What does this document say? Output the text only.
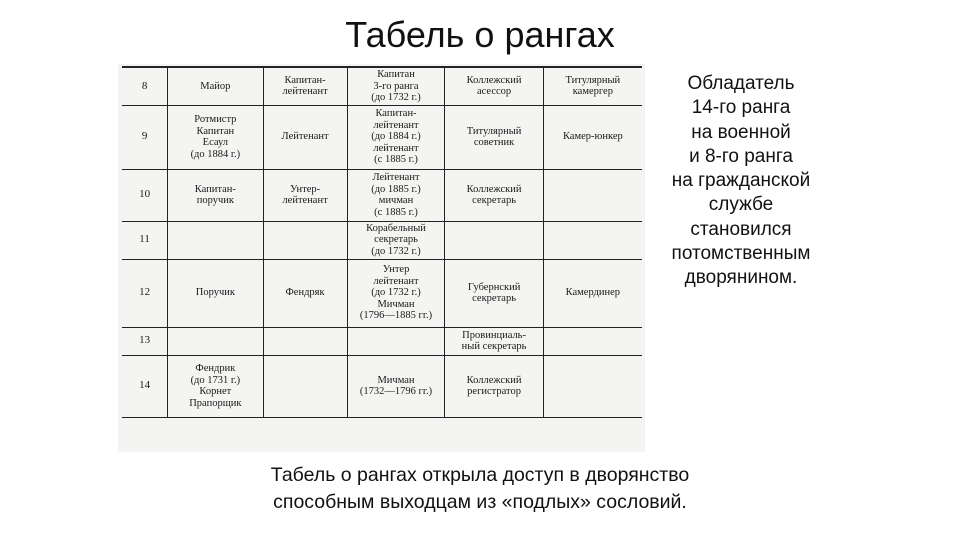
Табель о рангах
8	Майор	Капитан-
лейтенант	Капитан
3-го ранга
(до 1732 г.)	Коллежский
асессор	Титулярный
камергер

9	Ротмистр
Капитан
Есаул
(до 1884 г.)	Лейтенант	Капитан-
лейтенант
(до 1884 г.)
лейтенант
(с 1885 г.)	Титулярный
советник	Камер-юнкер

10	Капитан-
поручик	Унтер-
лейтенант	Лейтенант
(до 1885 г.)
мичман
(с 1885 г.)	Коллежский
секретарь	

11			Корабельный
секретарь
(до 1732 г.)		

12	Поручик	Фендряк	Унтер
лейтенант
(до 1732 г.)
Мичман
(1796—1885 гг.)	Губернский
секретарь	Камердинер

13				Провинциаль-
ный секретарь	

14	Фендрик
(до 1731 г.)
Корнет
Прапорщик		Мичман
(1732—1796 гг.)	Коллежский
регистратор	

Обладатель
14-го ранга
на военной
и 8-го ранга
на гражданской
службе
становился
потомственным
дворянином.
Табель о рангах открыла доступ в дворянство
способным выходцам из «подлых» сословий.
